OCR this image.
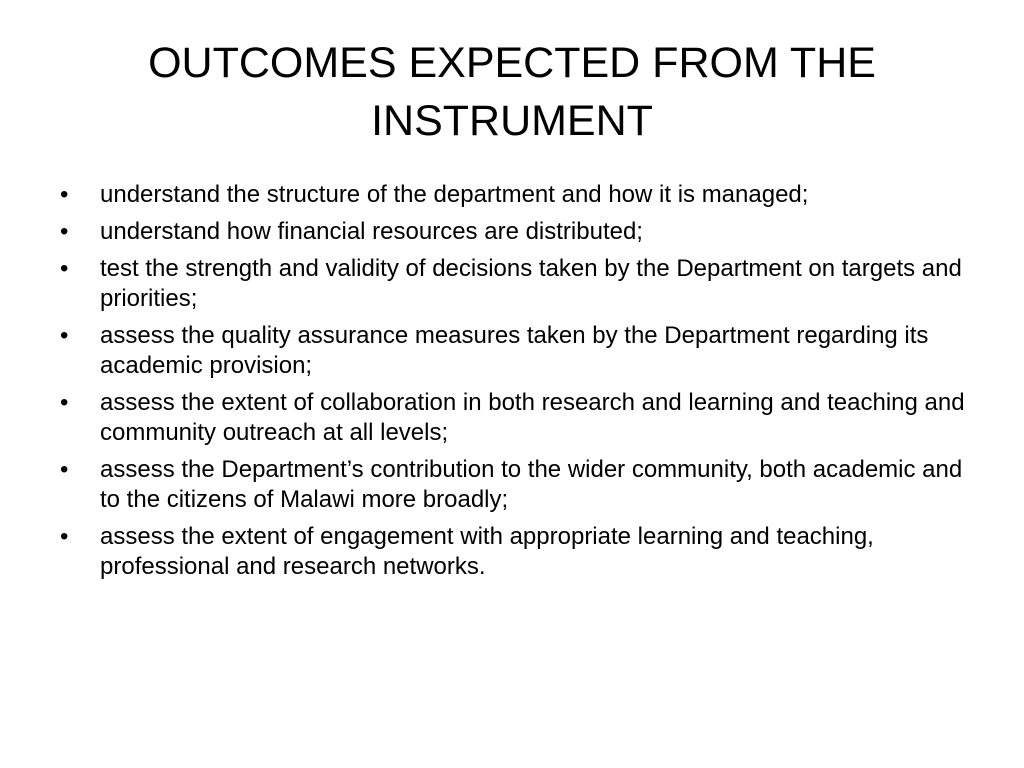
OUTCOMES EXPECTED FROM THE INSTRUMENT
• understand the structure of the department and how it is managed;
• understand how financial resources are distributed;
• test the strength and validity of decisions taken by the Department on targets and priorities;
• assess the quality assurance measures taken by the Department regarding its academic provision;
• assess the extent of collaboration in both research and learning and teaching and community outreach at all levels;
• assess the Department’s contribution to the wider community, both academic and to the citizens of Malawi more broadly;
• assess the extent of engagement with appropriate learning and teaching, professional and research networks.
